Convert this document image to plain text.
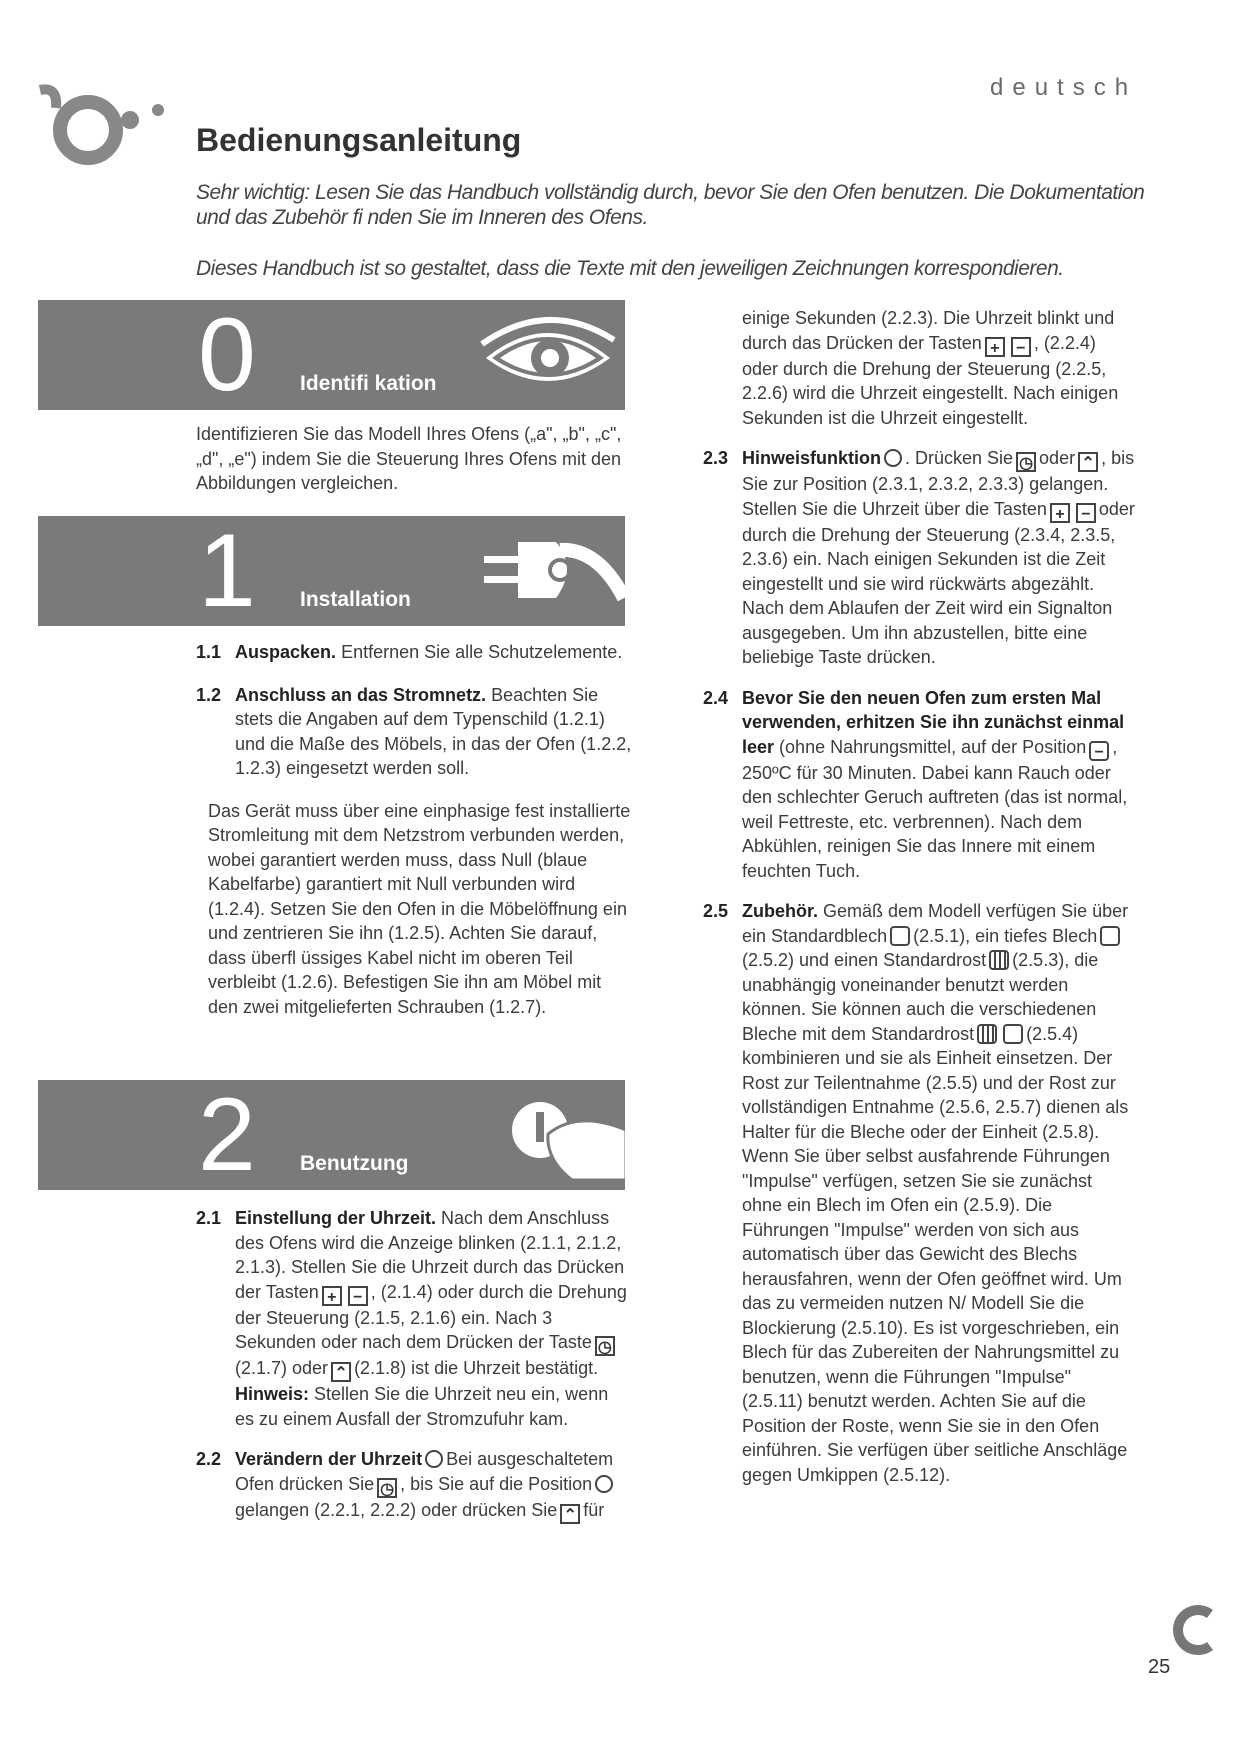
deutsch
Bedienungsanleitung

Sehr wichtig: Lesen Sie das Handbuch vollständig durch, bevor Sie den Ofen benutzen. Die Dokumentation und das Zubehör fi nden Sie im Inneren des Ofens.

Dieses Handbuch ist so gestaltet, dass die Texte mit den jeweiligen Zeichnungen korrespondieren.

0 Identifi kation

Identifizieren Sie das Modell Ihres Ofens („a", „b", „c", „d", „e") indem Sie die Steuerung Ihres Ofens mit den Abbildungen vergleichen.

1 Installation
1.1 Auspacken. Entfernen Sie alle Schutzelemente.

1.2 Anschluss an das Stromnetz. Beachten Sie stets die Angaben auf dem Typenschild (1.2.1) und die Maße des Möbels, in das der Ofen (1.2.2, 1.2.3) eingesetzt werden soll.

Das Gerät muss über eine einphasige fest installierte Stromleitung mit dem Netzstrom verbunden werden, wobei garantiert werden muss, dass Null (blaue Kabelfarbe) garantiert mit Null verbunden wird (1.2.4). Setzen Sie den Ofen in die Möbelöffnung ein und zentrieren Sie ihn (1.2.5). Achten Sie darauf, dass überfl üssiges Kabel nicht im oberen Teil verbleibt (1.2.6). Befestigen Sie ihn am Möbel mit den zwei mitgelieferten Schrauben (1.2.7).

2 Benutzung
2.1 Einstellung der Uhrzeit. Nach dem Anschluss des Ofens wird die Anzeige blinken (2.1.1, 2.1.2, 2.1.3). Stellen Sie die Uhrzeit durch das Drücken der Tasten + − , (2.1.4) oder durch die Drehung der Steuerung (2.1.5, 2.1.6) ein. Nach 3 Sekunden oder nach dem Drücken der Taste ◷(2.1.7) oder ⌃ (2.1.8) ist die Uhrzeit bestätigt.

Hinweis: Stellen Sie die Uhrzeit neu ein, wenn es zu einem Ausfall der Stromzufuhr kam.

2.2 Verändern der Uhrzeit Bei ausgeschaltetem Ofen drücken Sie ◷ , bis Sie auf die Positiongelangen (2.2.1, 2.2.2) oder drücken Sie ⌃ für

einige Sekunden (2.2.3). Die Uhrzeit blinkt und durch das Drücken der Tasten + − , (2.2.4) oder durch die Drehung der Steuerung (2.2.5, 2.2.6) wird die Uhrzeit eingestellt. Nach einigen Sekunden ist die Uhrzeit eingestellt.

2.3 Hinweisfunktion . Drücken Sie ◷ oder ⌃ , bis Sie zur Position (2.3.1, 2.3.2, 2.3.3) gelangen. Stellen Sie die Uhrzeit über die Tasten + − oder durch die Drehung der Steuerung (2.3.4, 2.3.5, 2.3.6) ein. Nach einigen Sekunden ist die Zeit eingestellt und sie wird rückwärts abgezählt. Nach dem Ablaufen der Zeit wird ein Signalton ausgegeben. Um ihn abzustellen, bitte eine beliebige Taste drücken.

2.4 Bevor Sie den neuen Ofen zum ersten Mal verwenden, erhitzen Sie ihn zunächst einmal leer (ohne Nahrungsmittel, auf der Position − , 250ºC für 30 Minuten. Dabei kann Rauch oder den schlechter Geruch auftreten (das ist normal, weil Fettreste, etc. verbrennen). Nach dem Abkühlen, reinigen Sie das Innere mit einem feuchten Tuch.

2.5 Zubehör. Gemäß dem Modell verfügen Sie über ein Standardblech (2.5.1), ein tiefes Blech(2.5.2) und einen Standardrost (2.5.3), die unabhängig voneinander benutzt werden können. Sie können auch die verschiedenen Bleche mit dem Standardrost	(2.5.4) kombinieren und sie als Einheit einsetzen. Der Rost zur Teilentnahme (2.5.5) und der Rost zur vollständigen Entnahme (2.5.6, 2.5.7) dienen als Halter für die Bleche oder der Einheit (2.5.8). Wenn Sie über selbst ausfahrende Führungen "Impulse" verfügen, setzen Sie sie zunächst ohne ein Blech im Ofen ein (2.5.9). Die Führungen "Impulse" werden von sich aus automatisch über das Gewicht des Blechs herausfahren, wenn der Ofen geöffnet wird. Um das zu vermeiden nutzen N/ Modell Sie die Blockierung (2.5.10). Es ist vorgeschrieben, ein Blech für das Zubereiten der Nahrungsmittel zu benutzen, wenn die Führungen "Impulse" (2.5.11) benutzt werden. Achten Sie auf die Position der Roste, wenn Sie sie in den Ofen einführen. Sie verfügen über seitliche Anschläge gegen Umkippen (2.5.12).

25
